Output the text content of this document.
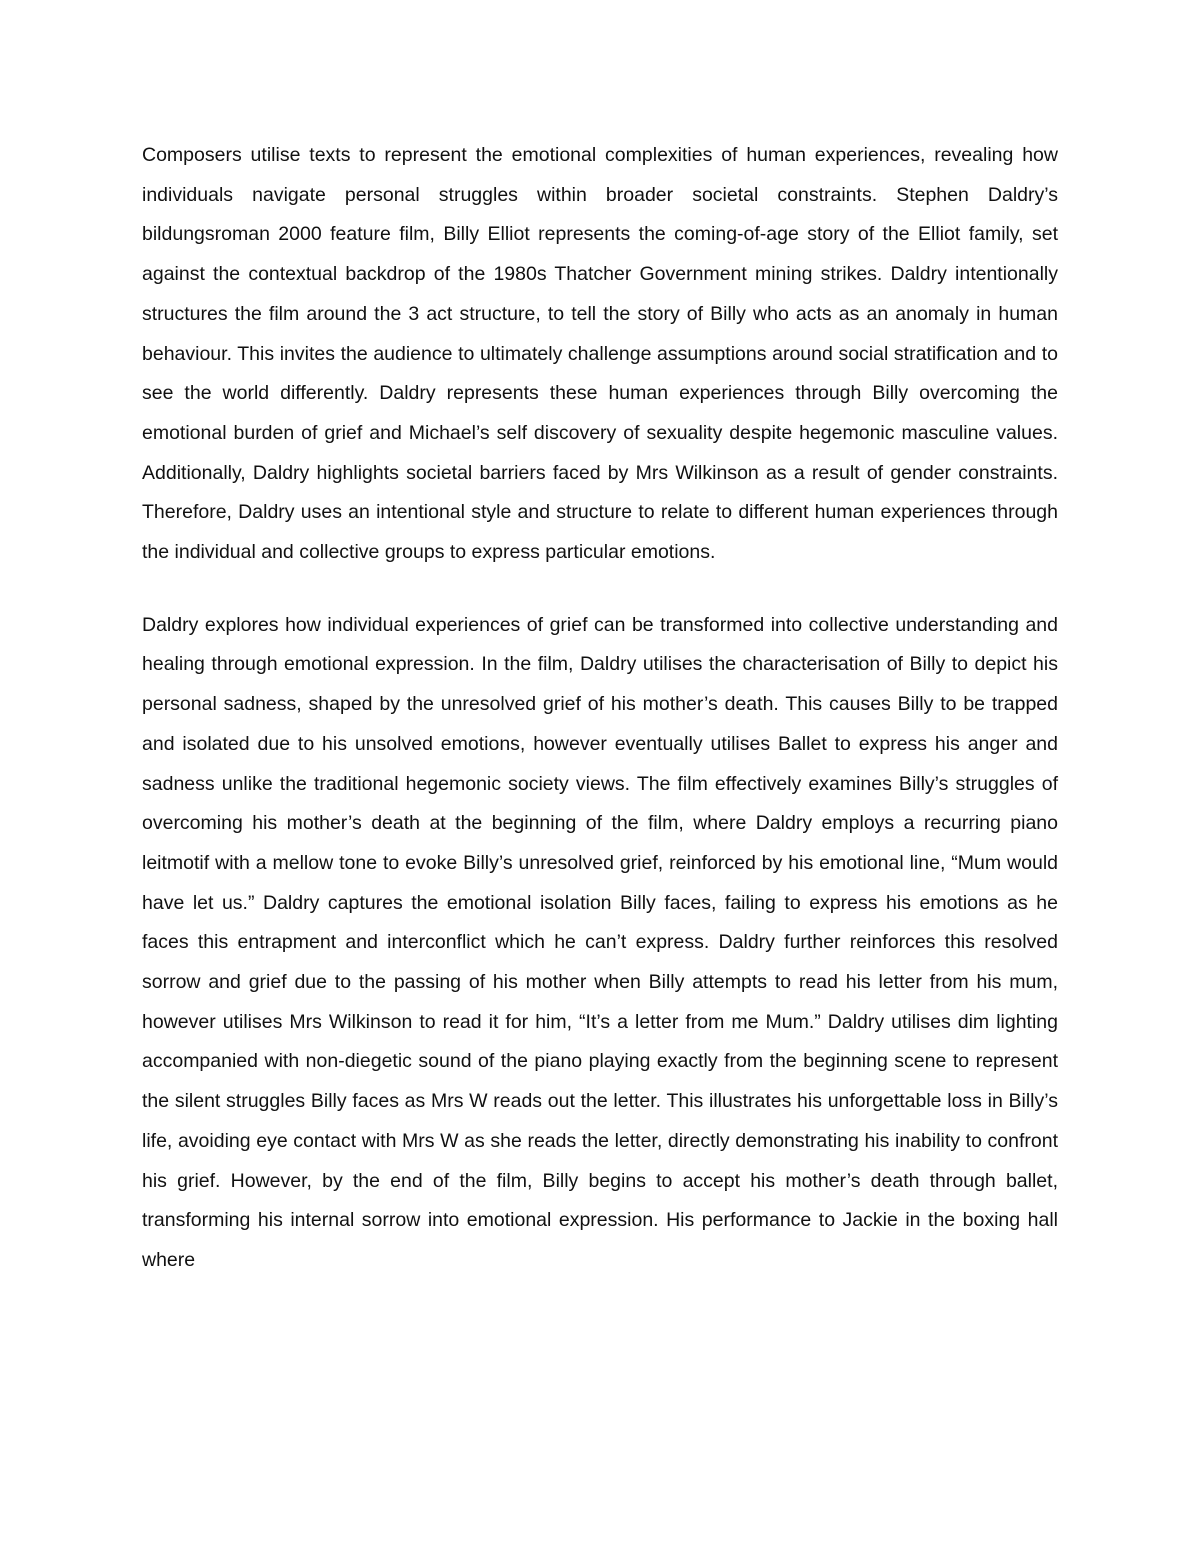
Composers utilise texts to represent the emotional complexities of human experiences, revealing how individuals navigate personal struggles within broader societal constraints. Stephen Daldry’s bildungsroman 2000 feature film, Billy Elliot represents the coming-of-age story of the Elliot family, set against the contextual backdrop of the 1980s Thatcher Government mining strikes. Daldry intentionally structures the film around the 3 act structure, to tell the story of Billy who acts as an anomaly in human behaviour. This invites the audience to ultimately challenge assumptions around social stratification and to see the world differently. Daldry represents these human experiences through Billy overcoming the emotional burden of grief and Michael’s self discovery of sexuality despite hegemonic masculine values. Additionally, Daldry highlights societal barriers faced by Mrs Wilkinson as a result of gender constraints. Therefore, Daldry uses an intentional style and structure to relate to different human experiences through the individual and collective groups to express particular emotions.

Daldry explores how individual experiences of grief can be transformed into collective understanding and healing through emotional expression. In the film, Daldry utilises the characterisation of Billy to depict his personal sadness, shaped by the unresolved grief of his mother’s death. This causes Billy to be trapped and isolated due to his unsolved emotions, however eventually utilises Ballet to express his anger and sadness unlike the traditional hegemonic society views. The film effectively examines Billy’s struggles of overcoming his mother’s death at the beginning of the film, where Daldry employs a recurring piano leitmotif with a mellow tone to evoke Billy’s unresolved grief, reinforced by his emotional line, “Mum would have let us.” Daldry captures the emotional isolation Billy faces, failing to express his emotions as he faces this entrapment and interconflict which he can’t express. Daldry further reinforces this resolved sorrow and grief due to the passing of his mother when Billy attempts to read his letter from his mum, however utilises Mrs Wilkinson to read it for him, “It’s a letter from me Mum.” Daldry utilises dim lighting accompanied with non-diegetic sound of the piano playing exactly from the beginning scene to represent the silent struggles Billy faces as Mrs W reads out the letter. This illustrates his unforgettable loss in Billy’s life, avoiding eye contact with Mrs W as she reads the letter, directly demonstrating his inability to confront his grief. However, by the end of the film, Billy begins to accept his mother’s death through ballet, transforming his internal sorrow into emotional expression. His performance to Jackie in the boxing hall where
